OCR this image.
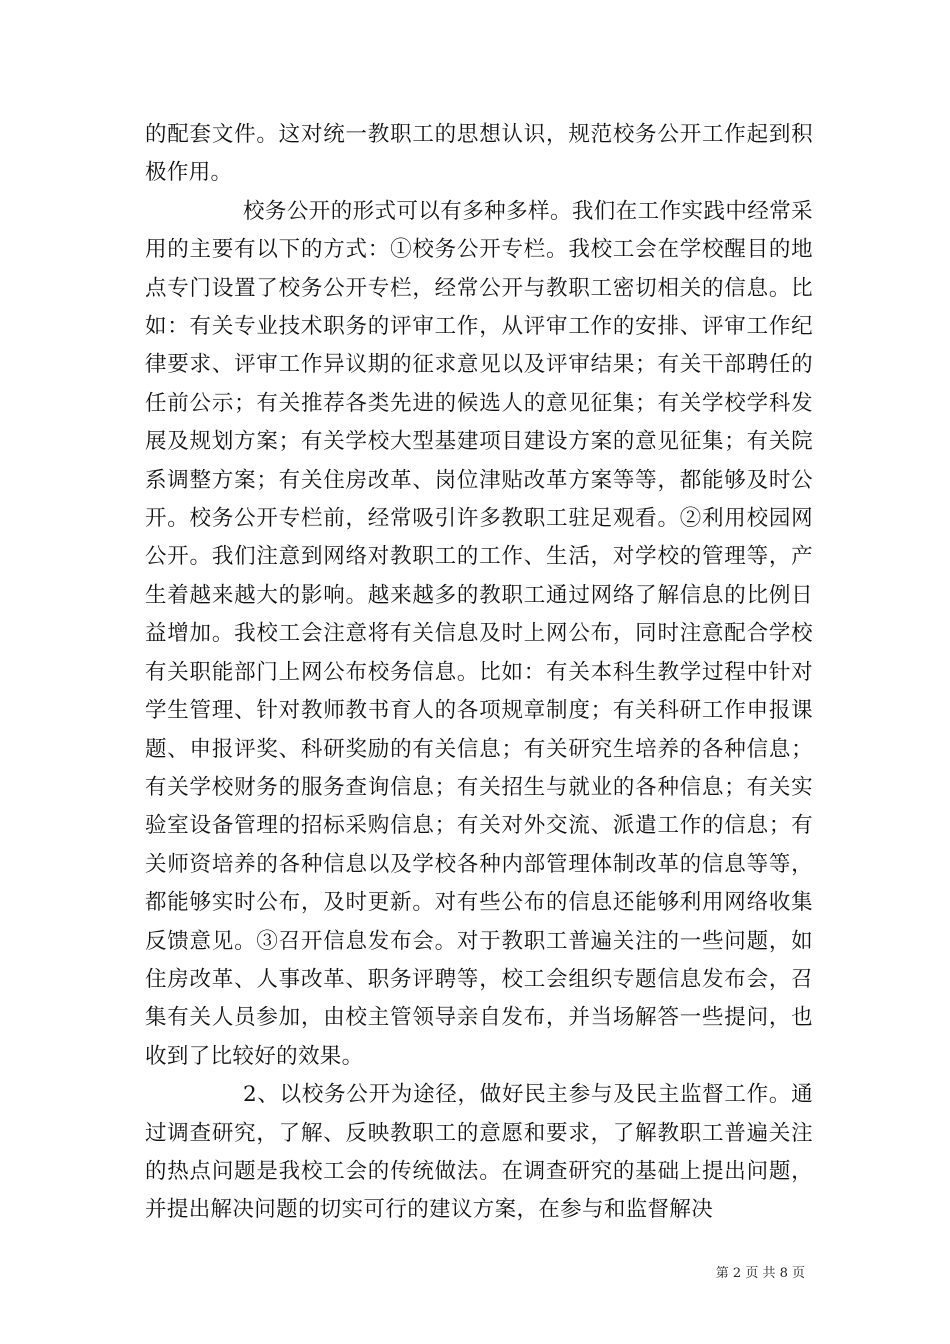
的配套文件。这对统一教职工的思想认识，规范校务公开工作起到积极作用。

校务公开的形式可以有多种多样。我们在工作实践中经常采用的主要有以下的方式：①校务公开专栏。我校工会在学校醒目的地点专门设置了校务公开专栏，经常公开与教职工密切相关的信息。比如：有关专业技术职务的评审工作，从评审工作的安排、评审工作纪律要求、评审工作异议期的征求意见以及评审结果；有关干部聘任的任前公示；有关推荐各类先进的候选人的意见征集；有关学校学科发展及规划方案；有关学校大型基建项目建设方案的意见征集；有关院系调整方案；有关住房改革、岗位津贴改革方案等等，都能够及时公开。校务公开专栏前，经常吸引许多教职工驻足观看。②利用校园网公开。我们注意到网络对教职工的工作、生活，对学校的管理等，产生着越来越大的影响。越来越多的教职工通过网络了解信息的比例日益增加。我校工会注意将有关信息及时上网公布，同时注意配合学校有关职能部门上网公布校务信息。比如：有关本科生教学过程中针对学生管理、针对教师教书育人的各项规章制度；有关科研工作申报课题、申报评奖、科研奖励的有关信息；有关研究生培养的各种信息；有关学校财务的服务查询信息；有关招生与就业的各种信息；有关实验室设备管理的招标采购信息；有关对外交流、派遣工作的信息；有关师资培养的各种信息以及学校各种内部管理体制改革的信息等等，都能够实时公布，及时更新。对有些公布的信息还能够利用网络收集反馈意见。③召开信息发布会。对于教职工普遍关注的一些问题，如住房改革、人事改革、职务评聘等，校工会组织专题信息发布会，召集有关人员参加，由校主管领导亲自发布，并当场解答一些提问，也收到了比较好的效果。

2、以校务公开为途径，做好民主参与及民主监督工作。通过调查研究，了解、反映教职工的意愿和要求，了解教职工普遍关注的热点问题是我校工会的传统做法。在调查研究的基础上提出问题，并提出解决问题的切实可行的建议方案，在参与和监督解决

第 2 页 共 8 页
